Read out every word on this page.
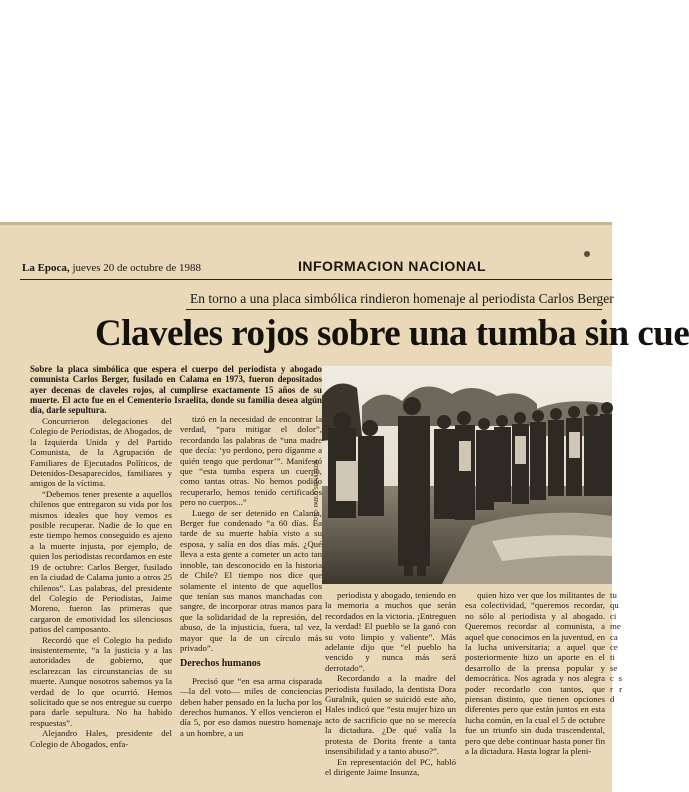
La Epoca, jueves 20 de octubre de 1988	INFORMACION NACIONAL
En torno a una placa simbólica rindieron homenaje al periodista Carlos Berger
Claveles rojos sobre una tumba sin cue
Sobre la placa simbólica que espera el cuerpo del periodista y abogado comunista Carlos Berger, fusilado en Calama en 1973, fueron depositados ayer decenas de claveles rojos, al cumplirse exactamente 15 años de su muerte. El acto fue en el Cementerio Israelita, donde su familia desea algún día, darle sepultura.

Concurrieron delegaciones del Colegio de Periodistas, de Abogados, de la Izquierda Unida y del Partido Comunista, de la Agrupación de Familiares de Ejecutados Políticos, de Detenidos-Desaparecidos, familiares y amigos de la víctima.

“Debemos tener presente a aquellos chilenos que entregaron su vida por los mismos ideales que hoy vemos es posible recuperar. Nadie de lo que en este tiempo hemos conseguido es ajeno a la muerte injusta, por ejemplo, de quien los periodistas recordamos en este 19 de octubre: Carlos Berger, fusilado en la ciudad de Calama junto a otros 25 chilenos”. Las palabras, del presidente del Colegio de Periodistas, Jaime Moreno, fueron las primeras que cargaron de emotividad los silenciosos patios del camposanto.

Recordó que el Colegio ha pedido insistentemente, “a la justicia y a las autoridades de gobierno, que esclarezcan las circunstancias de su muerte. Aunque nosotros sabemos ya la verdad de lo que ocurrió. Hemos solicitado que se nos entregue su cuerpo para darle sepultura. No ha habido respuestas”.

Alejandro Hales, presidente del Colegio de Abogados, enfa-

tizó en la necesidad de encontrar la verdad, “para mitigar el dolor”, recordando las palabras de “una madre que decía: ‘yo perdono, pero díganme a quién tengo que perdonar’”. Manifestó que “esta tumba espera un cuerpo, como tantas otras. No hemos podido recuperarlo, hemos tenido certificados pero no cuerpos...”

Luego de ser detenido en Calama, Berger fue condenado “a 60 días. La tarde de su muerte había visto a su esposa, y salía en dos días más. ¿Qué lleva a esta gente a cometer un acto tan innoble, tan desconocido en la historia de Chile? El tiempo nos dice que solamente el intento de que aquellos que tenían sus manos manchadas con sangre, de incorporar otras manos para que la solidaridad de la represión, del abuso, de la injusticia, fuera, tal vez, mayor que la de un círculo más privado”.

Derechos humanos

Precisó que “en esa arma cisparada —la del voto— miles de conciencias deben haber pensado en la lucha por los derechos humanos. Y ellos vencieron el día 5, por eso damos nuestro homenaje a un hombre, a un

FOTO: PABLO SEPÚLVEDA

periodista y abogado, teniendo en la memoria a muchos que serán recordados en la victoria. ¡Entreguen la verdad! El pueblo se la ganó con su voto limpio y valiente”. Más adelante dijo que “el pueblo ha vencido y nunca más será derrotado”.

Recordando a la madre del periodista fusilado, la dentista Dora Guralnik, quien se suicidó este año, Hales indicó que “esta mujer hizo un acto de sacrificio que no se merecía la dictadura. ¿De qué valía la protesta de Dorita frente a tanta insensibilidad y a tanto abuso?”.

En representación del PC, habló el dirigente Jaime Insunza,

quien hizo ver que los militantes de esa colectividad, “queremos recordar, no sólo al periodista y al abogado. Queremos recordar al comunista, a aquel que conocimos en la juventud, en la lucha universitaria; a aquel que posteriormente hizo un aporte en el desarrollo de la prensa popular y democrática. Nos agrada y nos alegra poder recordarlo con tantos, que piensan distinto, que tienen opciones diferentes pero que están juntos en esta lucha común, en la cual el 5 de octubre fue un triunfo sin duda trascendental, pero que debe continuar hasta poner fin a la dictadura. Hasta lograr la pleni-

tu qu ci me ca ce ti se c s r r d
